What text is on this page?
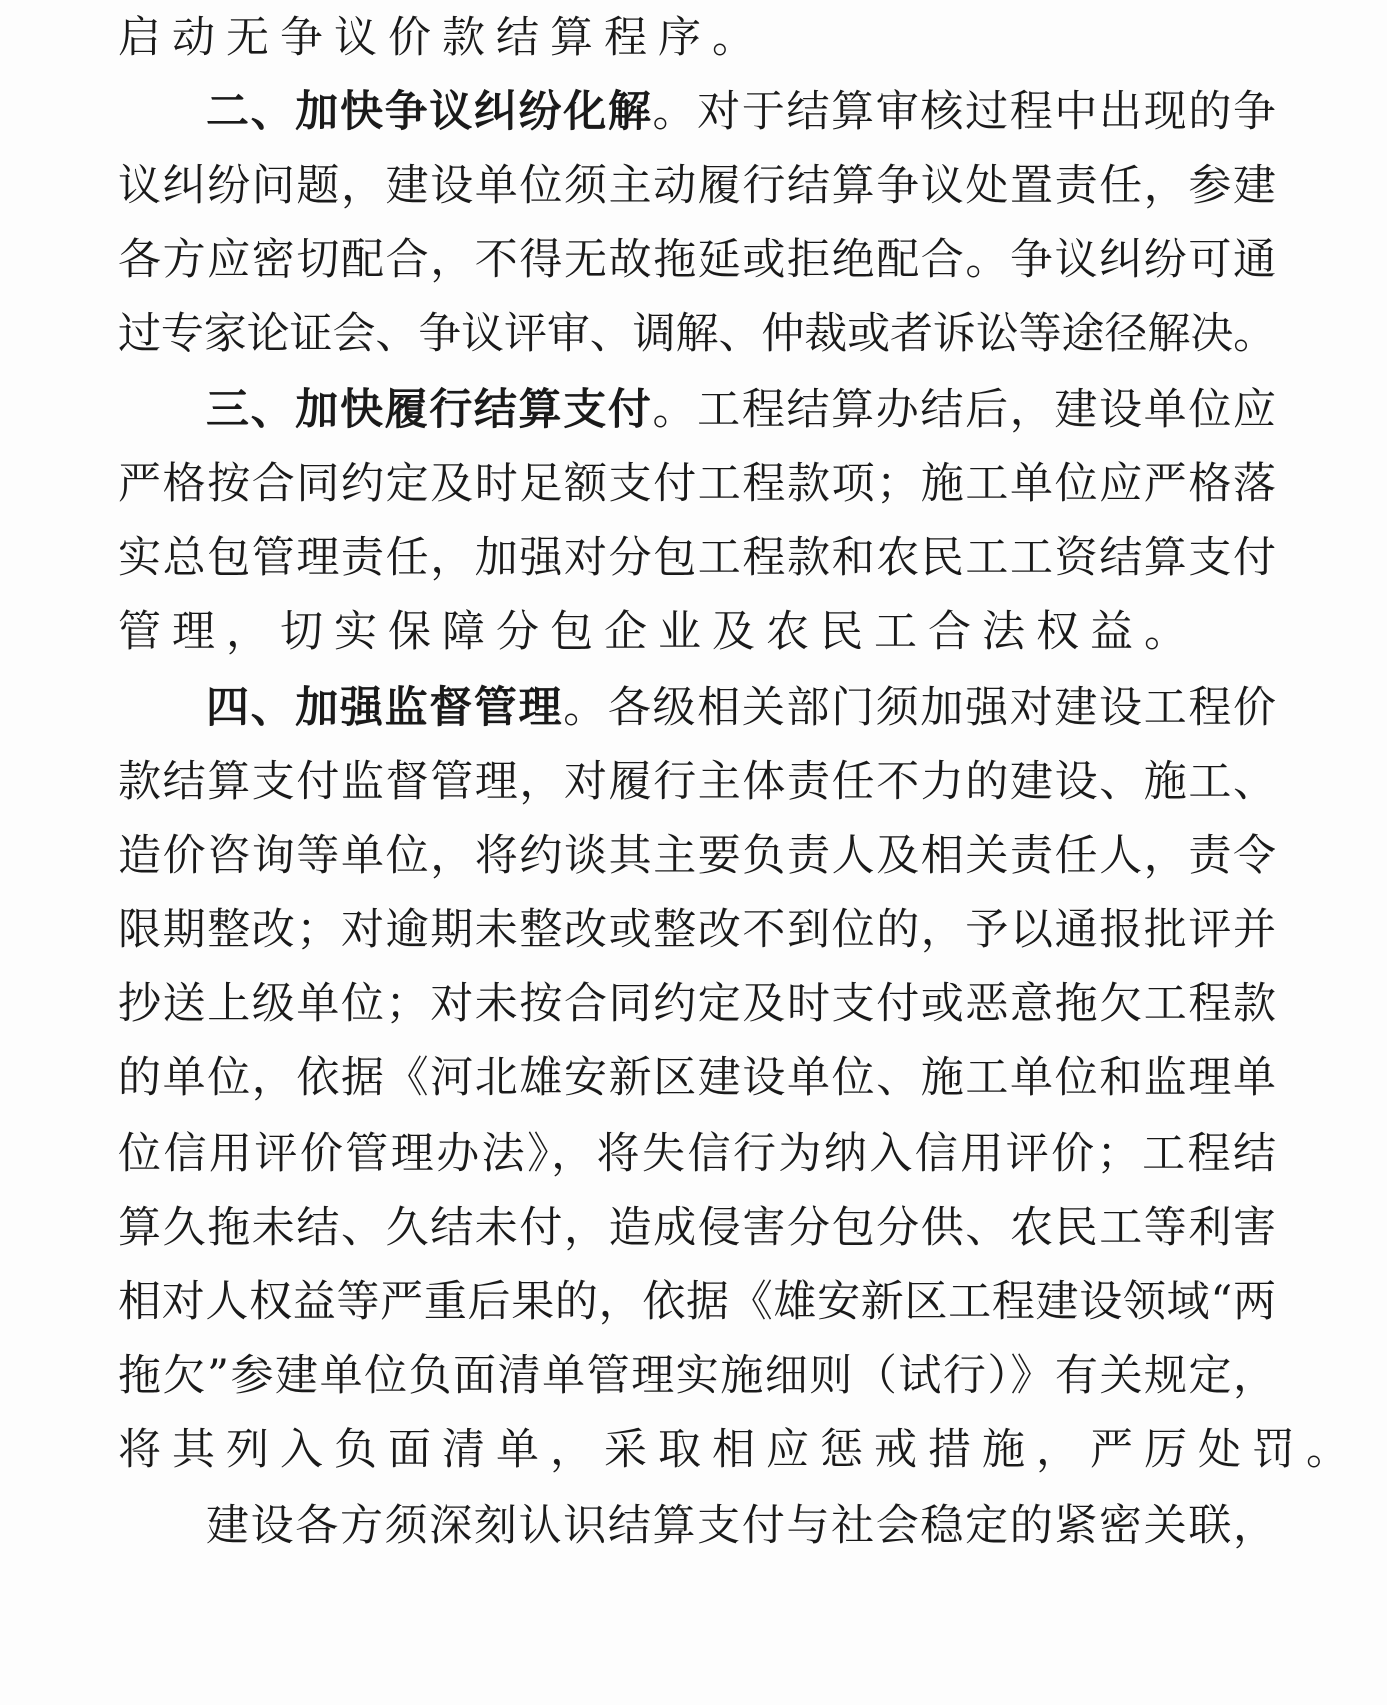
启动无争议价款结算程序。
二、加快争议纠纷化解。对于结算审核过程中出现的争
议纠纷问题，建设单位须主动履行结算争议处置责任，参建
各方应密切配合，不得无故拖延或拒绝配合。争议纠纷可通
过专家论证会、争议评审、调解、仲裁或者诉讼等途径解决。
三、加快履行结算支付。工程结算办结后，建设单位应
严格按合同约定及时足额支付工程款项；施工单位应严格落
实总包管理责任，加强对分包工程款和农民工工资结算支付
管理，切实保障分包企业及农民工合法权益。
四、加强监督管理。各级相关部门须加强对建设工程价
款结算支付监督管理，对履行主体责任不力的建设、施工、
造价咨询等单位，将约谈其主要负责人及相关责任人，责令
限期整改；对逾期未整改或整改不到位的，予以通报批评并
抄送上级单位；对未按合同约定及时支付或恶意拖欠工程款
的单位，依据《河北雄安新区建设单位、施工单位和监理单
位信用评价管理办法》，将失信行为纳入信用评价；工程结
算久拖未结、久结未付，造成侵害分包分供、农民工等利害
相对人权益等严重后果的，依据《雄安新区工程建设领域“两
拖欠”参建单位负面清单管理实施细则（试行）》有关规定，
将其列入负面清单，采取相应惩戒措施，严厉处罚。
建设各方须深刻认识结算支付与社会稳定的紧密关联，
